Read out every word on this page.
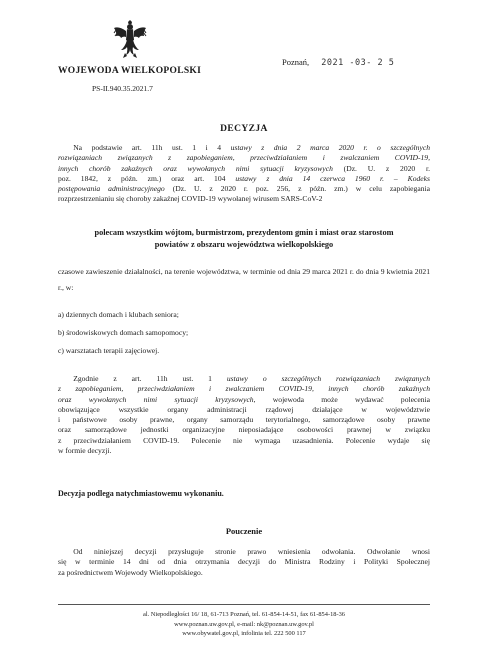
WOJEWODA WIELKOPOLSKI
PS-II.940.35.2021.7
Poznań, 2021 -03- 2 5
DECYZJA
  Na podstawie art. 11h ust. 1 i 4 ustawy z dnia 2 marca 2020 r. o szczególnych
rozwiązaniach związanych z zapobieganiem, przeciwdziałaniem i zwalczaniem COVID-19,
innych chorób zakaźnych oraz wywołanych nimi sytuacji kryzysowych (Dz. U. z 2020 r.
poz. 1842, z późn. zm.) oraz art. 104 ustawy z dnia 14 czerwca 1960 r. – Kodeks
postępowania administracyjnego (Dz. U. z 2020 r. poz. 256, z późn. zm.) w celu zapobiegania
rozprzestrzenianiu się choroby zakaźnej COVID-19 wywołanej wirusem SARS-CoV-2
polecam wszystkim wójtom, burmistrzom, prezydentom gmin i miast oraz starostom
powiatów z obszaru województwa wielkopolskiego
czasowe zawieszenie działalności, na terenie województwa, w terminie od dnia 29 marca 2021 r. do dnia 9 kwietnia 2021 r., w:
a) dziennych domach i klubach seniora;
b) środowiskowych domach samopomocy;
c) warsztatach terapii zajęciowej.
  Zgodnie z art. 11h ust. 1 ustawy o szczególnych rozwiązaniach związanych
z zapobieganiem, przeciwdziałaniem i zwalczaniem COVID-19, innych chorób zakaźnych
oraz wywołanych nimi sytuacji kryzysowych, wojewoda może wydawać polecenia
obowiązujące wszystkie organy administracji rządowej działające w województwie
i państwowe osoby prawne, organy samorządu terytorialnego, samorządowe osoby prawne
oraz samorządowe jednostki organizacyjne nieposiadające osobowości prawnej w związku
z przeciwdziałaniem COVID-19. Polecenie nie wymaga uzasadnienia. Polecenie wydaje się
w formie decyzji.
Decyzja podlega natychmiastowemu wykonaniu.
Pouczenie
  Od niniejszej decyzji przysługuje stronie prawo wniesienia odwołania. Odwołanie wnosi
się w terminie 14 dni od dnia otrzymania decyzji do Ministra Rodziny i Polityki Społecznej
za pośrednictwem Wojewody Wielkopolskiego.
al. Niepodległości 16/ 18, 61-713 Poznań, tel. 61-854-14-51, fax 61-854-18-36
www.poznan.uw.gov.pl, e-mail: nk@poznan.uw.gov.pl
www.obywatel.gov.pl, infolinia tel. 222 500 117
